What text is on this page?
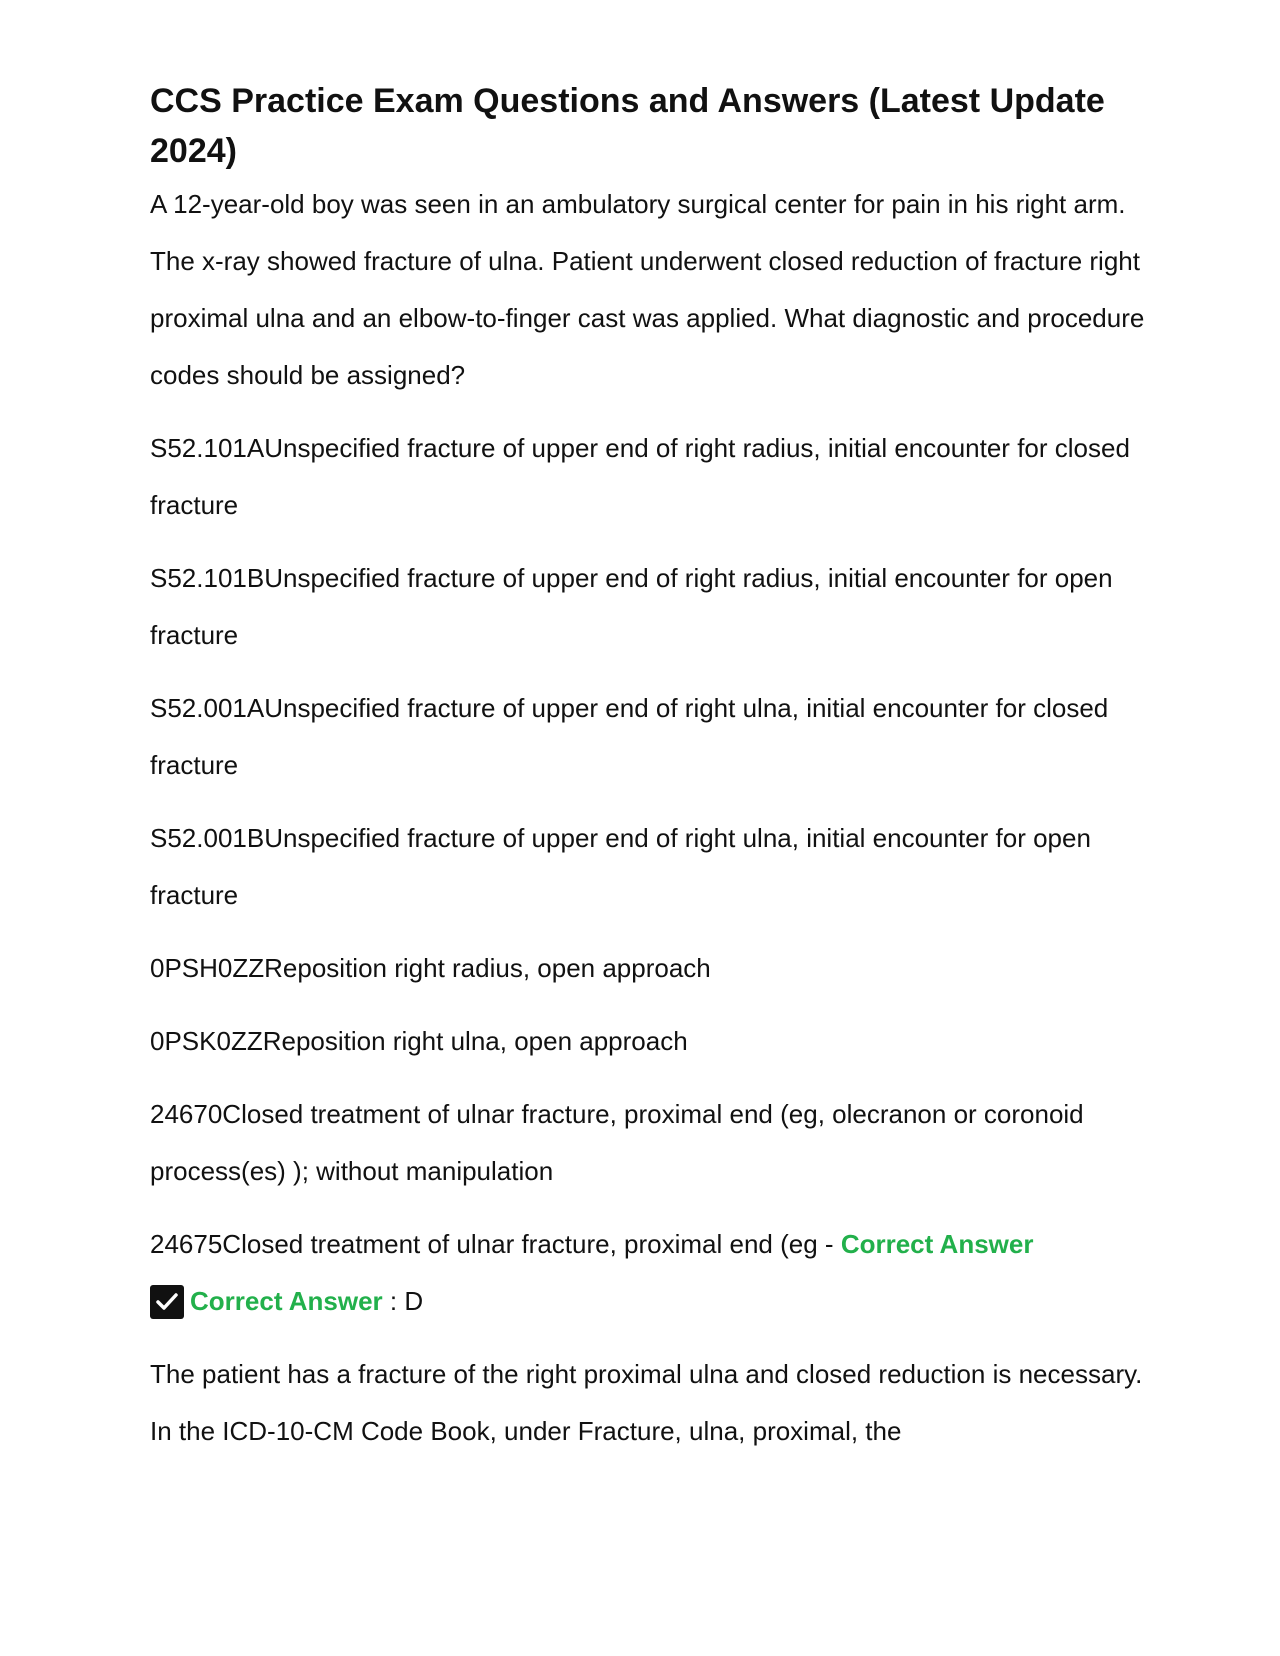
CCS Practice Exam Questions and Answers (Latest Update 2024)

A 12-year-old boy was seen in an ambulatory surgical center for pain in his right arm. The x-ray showed fracture of ulna. Patient underwent closed reduction of fracture right proximal ulna and an elbow-to-finger cast was applied. What diagnostic and procedure codes should be assigned?

S52.101AUnspecified fracture of upper end of right radius, initial encounter for closed fracture

S52.101BUnspecified fracture of upper end of right radius, initial encounter for open fracture

S52.001AUnspecified fracture of upper end of right ulna, initial encounter for closed fracture

S52.001BUnspecified fracture of upper end of right ulna, initial encounter for open fracture

0PSH0ZZReposition right radius, open approach

0PSK0ZZReposition right ulna, open approach

24670Closed treatment of ulnar fracture, proximal end (eg, olecranon or coronoid process(es) ); without manipulation

24675Closed treatment of ulnar fracture, proximal end (eg - Correct Answer

Correct Answer : D

The patient has a fracture of the right proximal ulna and closed reduction is necessary. In the ICD-10-CM Code Book, under Fracture, ulna, proximal, the
